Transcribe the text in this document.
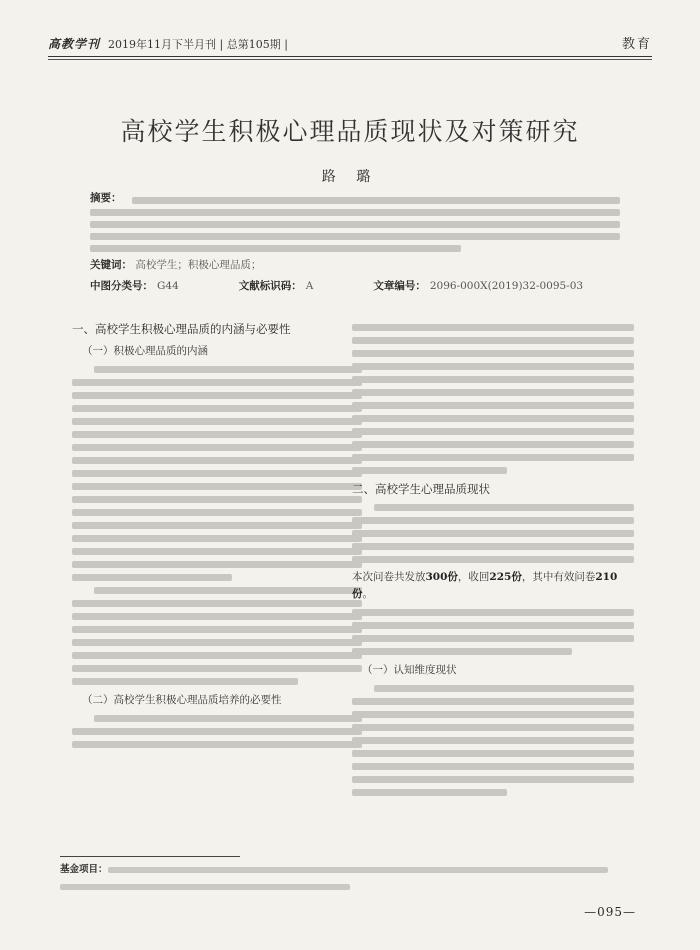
高教学刊 2019年11月下半月刊 | 总第105期 |	教育
高校学生积极心理品质现状及对策研究
路 璐
摘要：
关键词： 高校学生；积极心理品质；
中图分类号： G44	文献标识码： A	文章编号： 2096-000X(2019)32-0095-03
一、高校学生积极心理品质的内涵与必要性
（一）积极心理品质的内涵
（二）高校学生积极心理品质培养的必要性
二、高校学生心理品质现状
本次问卷共发放300份，收回225份，其中有效问卷210份。
（一）认知维度现状
基金项目：

—095—
